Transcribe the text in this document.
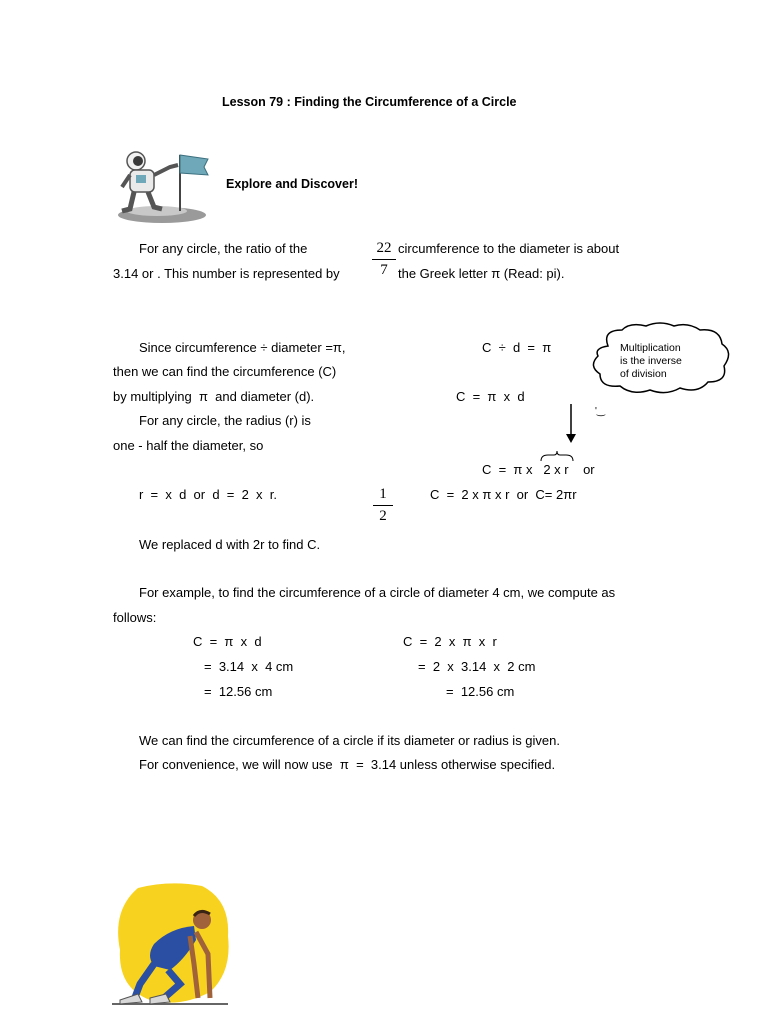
Lesson 79 : Finding the Circumference of a Circle
Explore and Discover!
For any circle, the ratio of the	circumference to the diameter is about
3.14 or . This number is represented by	the Greek letter π (Read: pi).
22
7
Since circumference ÷ diameter =π,
then we can find the circumference (C)
by multiplying  π  and diameter (d).
For any circle, the radius (r) is
one - half the diameter, so
r  =  x  d  or  d  =  2  x  r.	1
2
C  ÷  d  =  π
C  =  π  x  d
'‿
C  =  π x   2 x r    or
C  =  2 x π x r  or  C= 2πr
Multiplication
is the inverse
of division
We replaced d with 2r to find C.
For example, to find the circumference of a circle of diameter 4 cm, we compute as
follows:
C  =  π  x  d
=  3.14  x  4 cm
=  12.56 cm
C  =  2  x  π  x  r
=  2  x  3.14  x  2 cm
=  12.56 cm
We can find the circumference of a circle if its diameter or radius is given.
For convenience, we will now use  π  =  3.14 unless otherwise specified.
